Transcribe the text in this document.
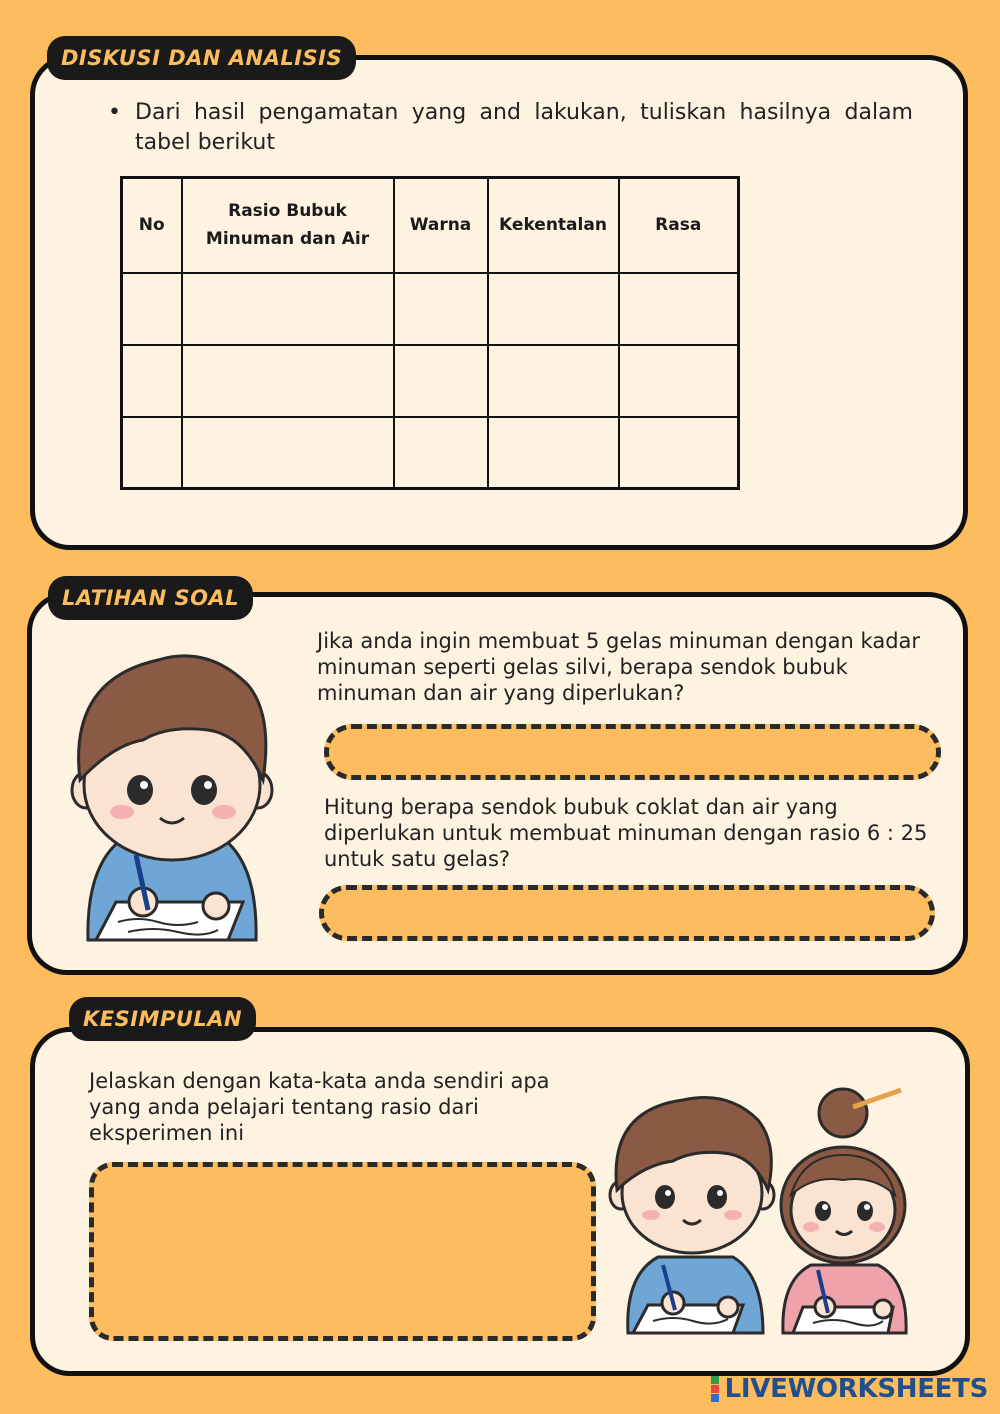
DISKUSI DAN ANALISIS
• Dari hasil pengamatan yang and lakukan, tuliskan hasilnya dalam tabel berikut
No	Rasio Bubuk Minuman dan Air	Warna	Kekentalan	Rasa

LATIHAN SOAL
Jika anda ingin membuat 5 gelas minuman dengan kadar minuman seperti gelas silvi, berapa sendok bubuk minuman dan air yang diperlukan?
Hitung berapa sendok bubuk coklat dan air yang diperlukan untuk membuat minuman dengan rasio 6 : 25 untuk satu gelas?
KESIMPULAN
Jelaskan dengan kata-kata anda sendiri apa yang anda pelajari tentang rasio dari eksperimen ini
LIVEWORKSHEETS
